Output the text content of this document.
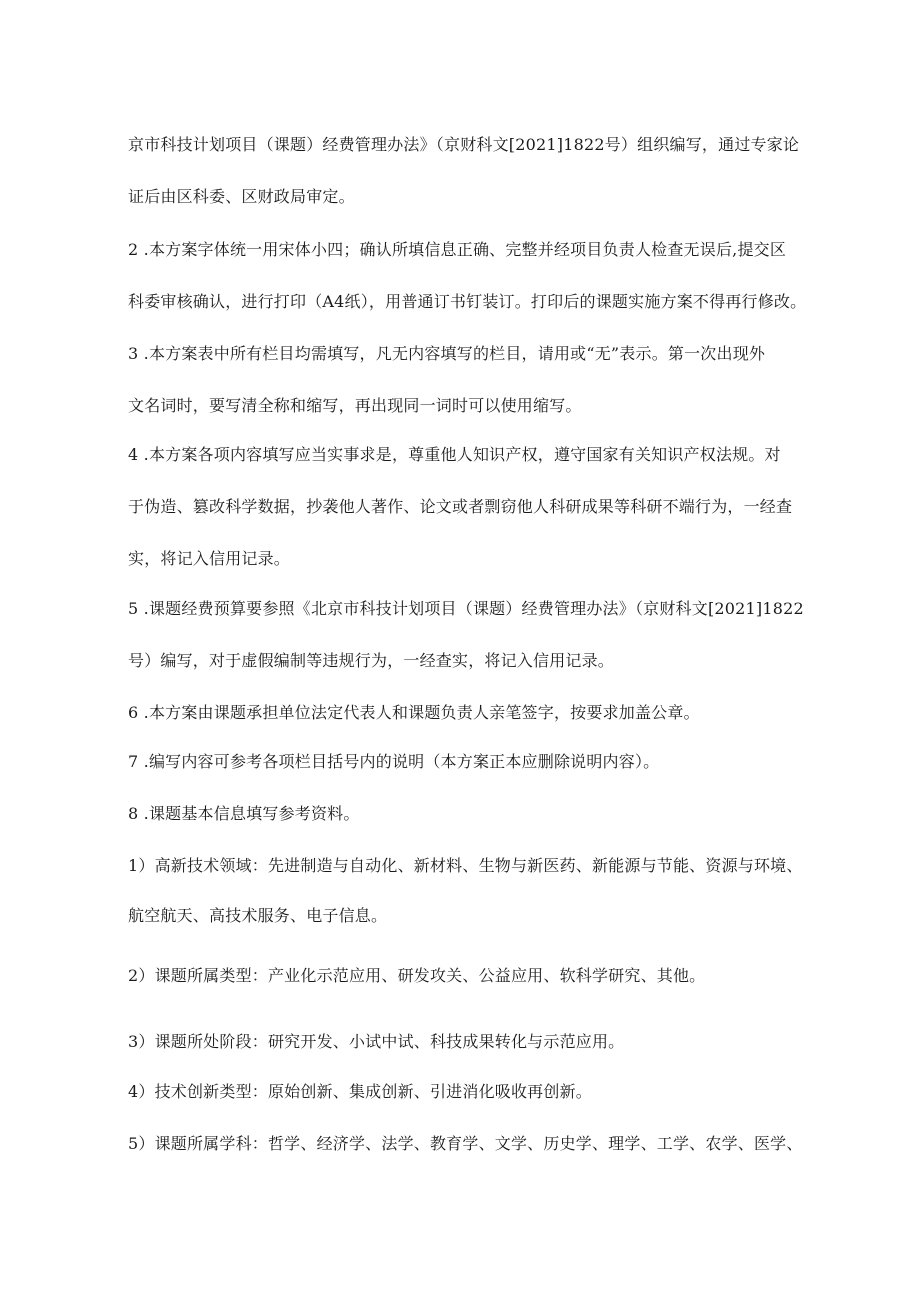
京市科技计划项目（课题）经费管理办法》（京财科文[2021]1822号）组织编写，通过专家论

证后由区科委、区财政局审定。

2 .本方案字体统一用宋体小四；确认所填信息正确、完整并经项目负责人检查无误后,提交区

科委审核确认，进行打印（A4纸），用普通订书钉装订。打印后的课题实施方案不得再行修改。

3 .本方案表中所有栏目均需填写，凡无内容填写的栏目，请用或“无”表示。第一次出现外

文名词时，要写清全称和缩写，再出现同一词时可以使用缩写。

4 .本方案各项内容填写应当实事求是，尊重他人知识产权，遵守国家有关知识产权法规。对

于伪造、篡改科学数据，抄袭他人著作、论文或者剽窃他人科研成果等科研不端行为，一经查

实，将记入信用记录。

5 .课题经费预算要参照《北京市科技计划项目（课题）经费管理办法》（京财科文[2021]1822

号）编写，对于虚假编制等违规行为，一经查实，将记入信用记录。

6 .本方案由课题承担单位法定代表人和课题负责人亲笔签字，按要求加盖公章。

7 .编写内容可参考各项栏目括号内的说明（本方案正本应删除说明内容）。

8 .课题基本信息填写参考资料。

1）高新技术领域：先进制造与自动化、新材料、生物与新医药、新能源与节能、资源与环境、

航空航天、高技术服务、电子信息。

2）课题所属类型：产业化示范应用、研发攻关、公益应用、软科学研究、其他。

3）课题所处阶段：研究开发、小试中试、科技成果转化与示范应用。

4）技术创新类型：原始创新、集成创新、引进消化吸收再创新。

5）课题所属学科：哲学、经济学、法学、教育学、文学、历史学、理学、工学、农学、医学、
